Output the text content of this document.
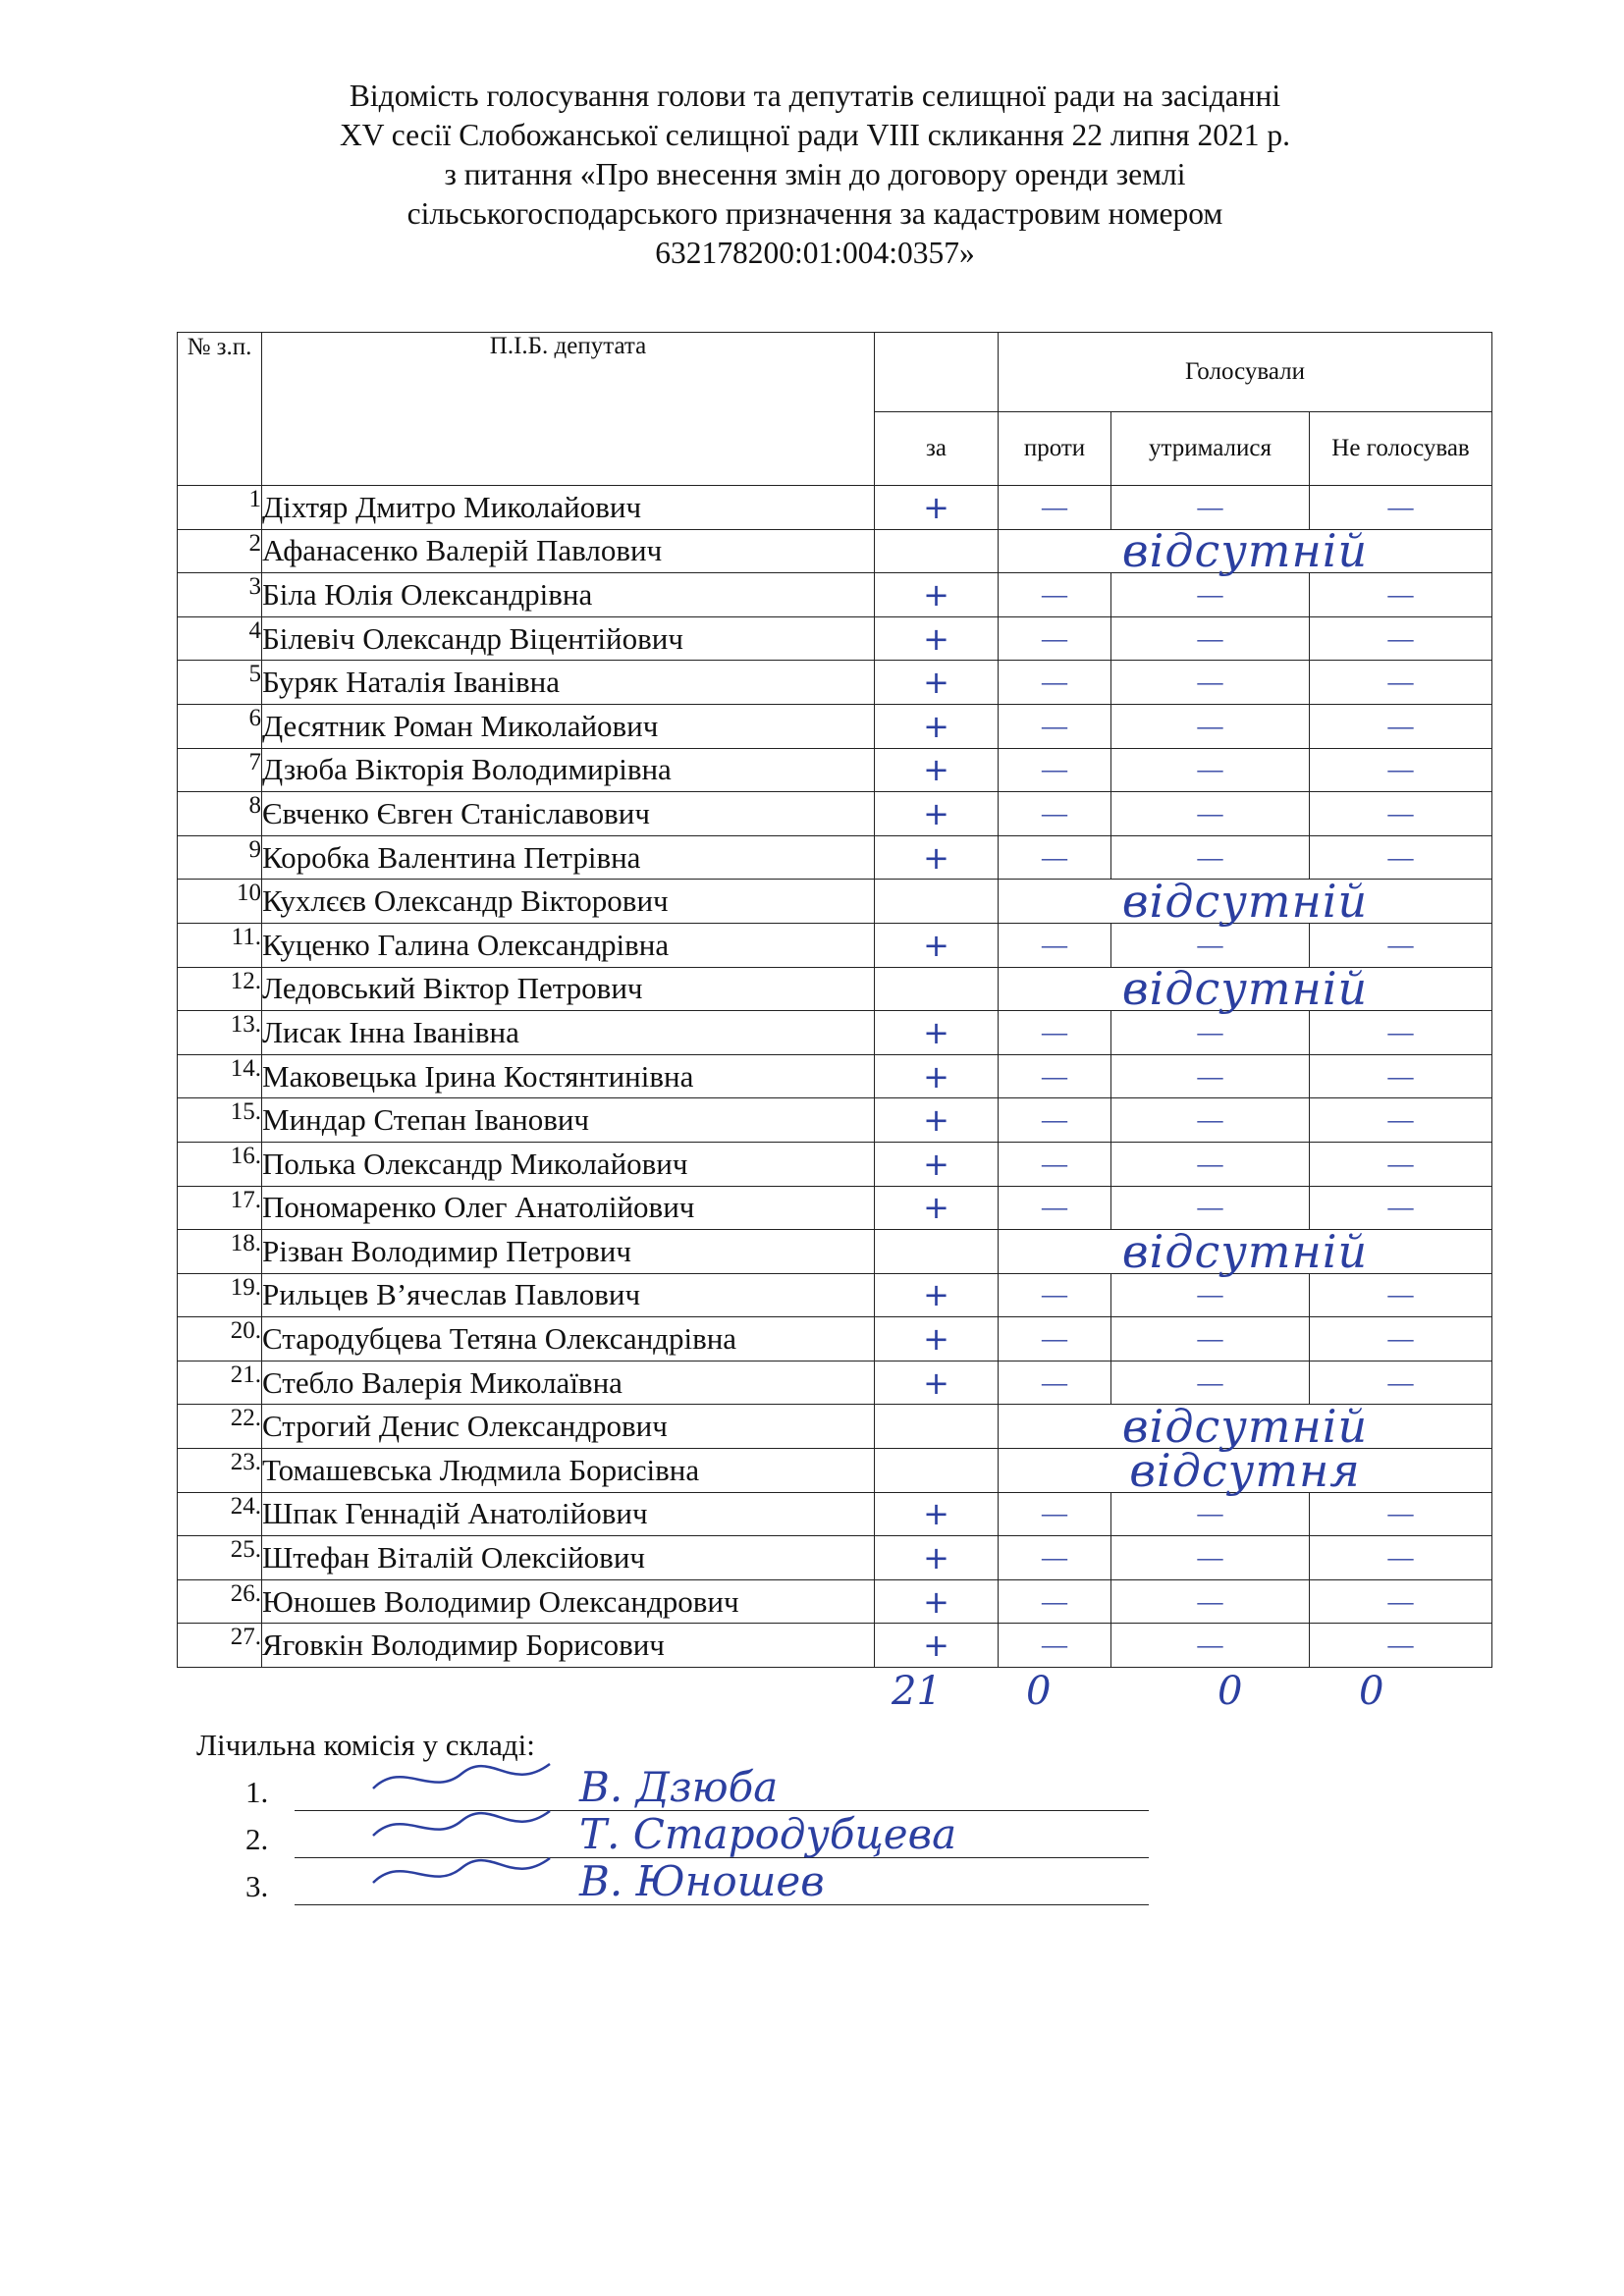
Відомість голосування голови та депутатів селищної ради на засіданні
XV сесії Слобожанської селищної ради VIII скликання 22 липня 2021 р.
з питання «Про внесення змін до договору оренди землі
сільськогосподарського призначення за кадастровим номером
632178200:01:004:0357»
№ з.п.	П.І.Б. депутата		Голосували		
		за	проти	утрималися	Не голосував
1	Діхтяр Дмитро Миколайович	+	—	—	—
2	Афанасенко Валерій Павлович		відсутній		
3	Біла Юлія Олександрівна	+	—	—	—
4	Білевіч Олександр Віцентійович	+	—	—	—
5	Буряк Наталія Іванівна	+	—	—	—
6	Десятник Роман Миколайович	+	—	—	—
7	Дзюба Вікторія Володимирівна	+	—	—	—
8	Євченко Євген Станіславович	+	—	—	—
9	Коробка Валентина Петрівна	+	—	—	—
10	Кухлєєв Олександр Вікторович		відсутній		
11.	Куценко Галина Олександрівна	+	—	—	—
12.	Ледовський Віктор Петрович		відсутній		
13.	Лисак Інна Іванівна	+	—	—	—
14.	Маковецька Ірина Костянтинівна	+	—	—	—
15.	Миндар Степан Іванович	+	—	—	—
16.	Полька Олександр Миколайович	+	—	—	—
17.	Пономаренко Олег Анатолійович	+	—	—	—
18.	Різван Володимир Петрович		відсутній		
19.	Рильцев В’ячеслав Павлович	+	—	—	—
20.	Стародубцева Тетяна Олександрівна	+	—	—	—
21.	Стебло Валерія Миколаївна	+	—	—	—
22.	Строгий Денис Олександрович		відсутній		
23.	Томашевська Людмила Борисівна		відсутня		
24.	Шпак Геннадій Анатолійович	+	—	—	—
25.	Штефан Віталій Олексійович	+	—	—	—
26.	Юношев Володимир Олександрович	+	—	—	—
27.	Яговкін Володимир Борисович	+	—	—	—
21 0	0	0
Лічильна комісія у складі:
1.	В. Дзюба
2.	Т. Стародубцева
3.	В. Юношев
